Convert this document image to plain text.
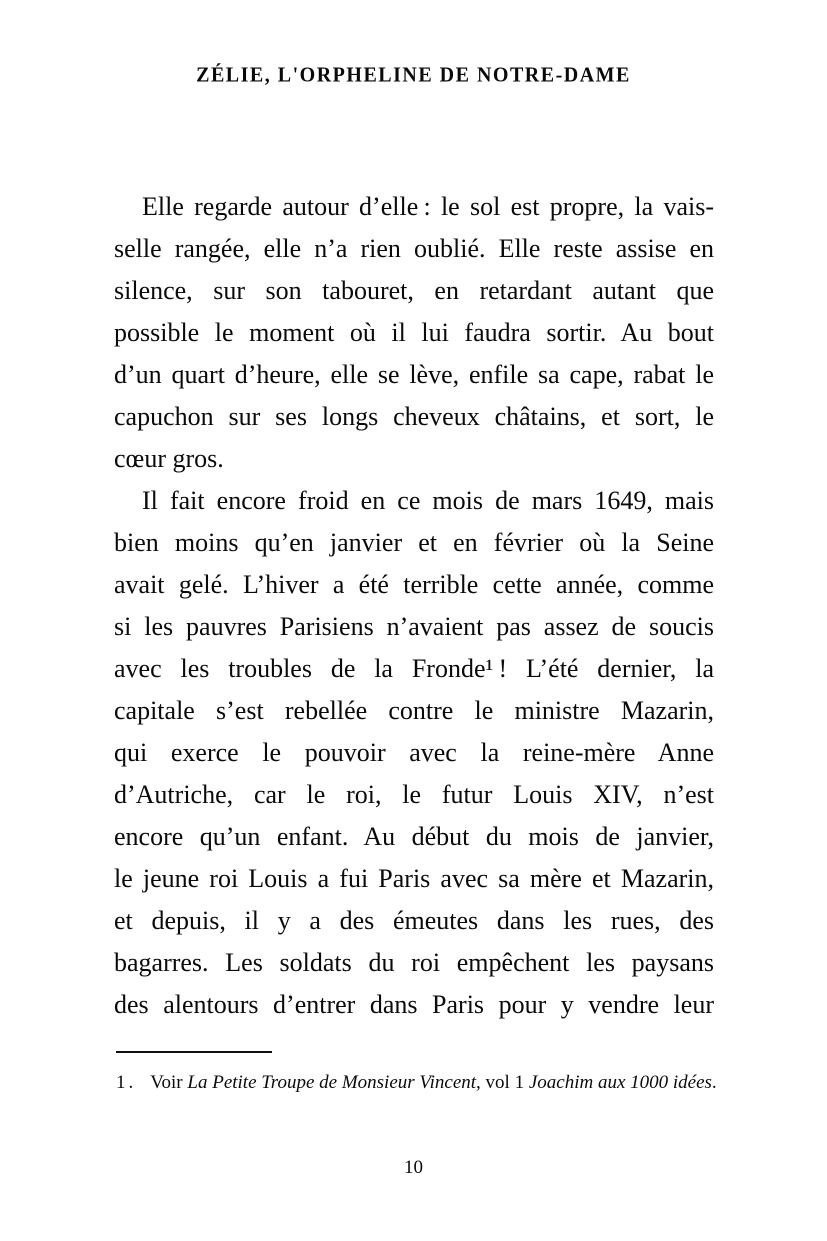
ZÉLIE, L'ORPHELINE DE NOTRE-DAME
Elle regarde autour d’elle : le sol est propre, la vais-
selle rangée, elle n’a rien oublié. Elle reste assise en
silence, sur son tabouret, en retardant autant que
possible le moment où il lui faudra sortir. Au bout
d’un quart d’heure, elle se lève, enfile sa cape, rabat le
capuchon sur ses longs cheveux châtains, et sort, le
cœur gros.
Il fait encore froid en ce mois de mars 1649, mais
bien moins qu’en janvier et en février où la Seine
avait gelé. L’hiver a été terrible cette année, comme
si les pauvres Parisiens n’avaient pas assez de soucis
avec les troubles de la Fronde¹ ! L’été dernier, la
capitale s’est rebellée contre le ministre Mazarin,
qui exerce le pouvoir avec la reine-mère Anne
d’Autriche, car le roi, le futur Louis XIV, n’est
encore qu’un enfant. Au début du mois de janvier,
le jeune roi Louis a fui Paris avec sa mère et Mazarin,
et depuis, il y a des émeutes dans les rues, des
bagarres. Les soldats du roi empêchent les paysans
des alentours d’entrer dans Paris pour y vendre leur
1. Voir La Petite Troupe de Monsieur Vincent, vol 1 Joachim aux 1000 idées.
10
